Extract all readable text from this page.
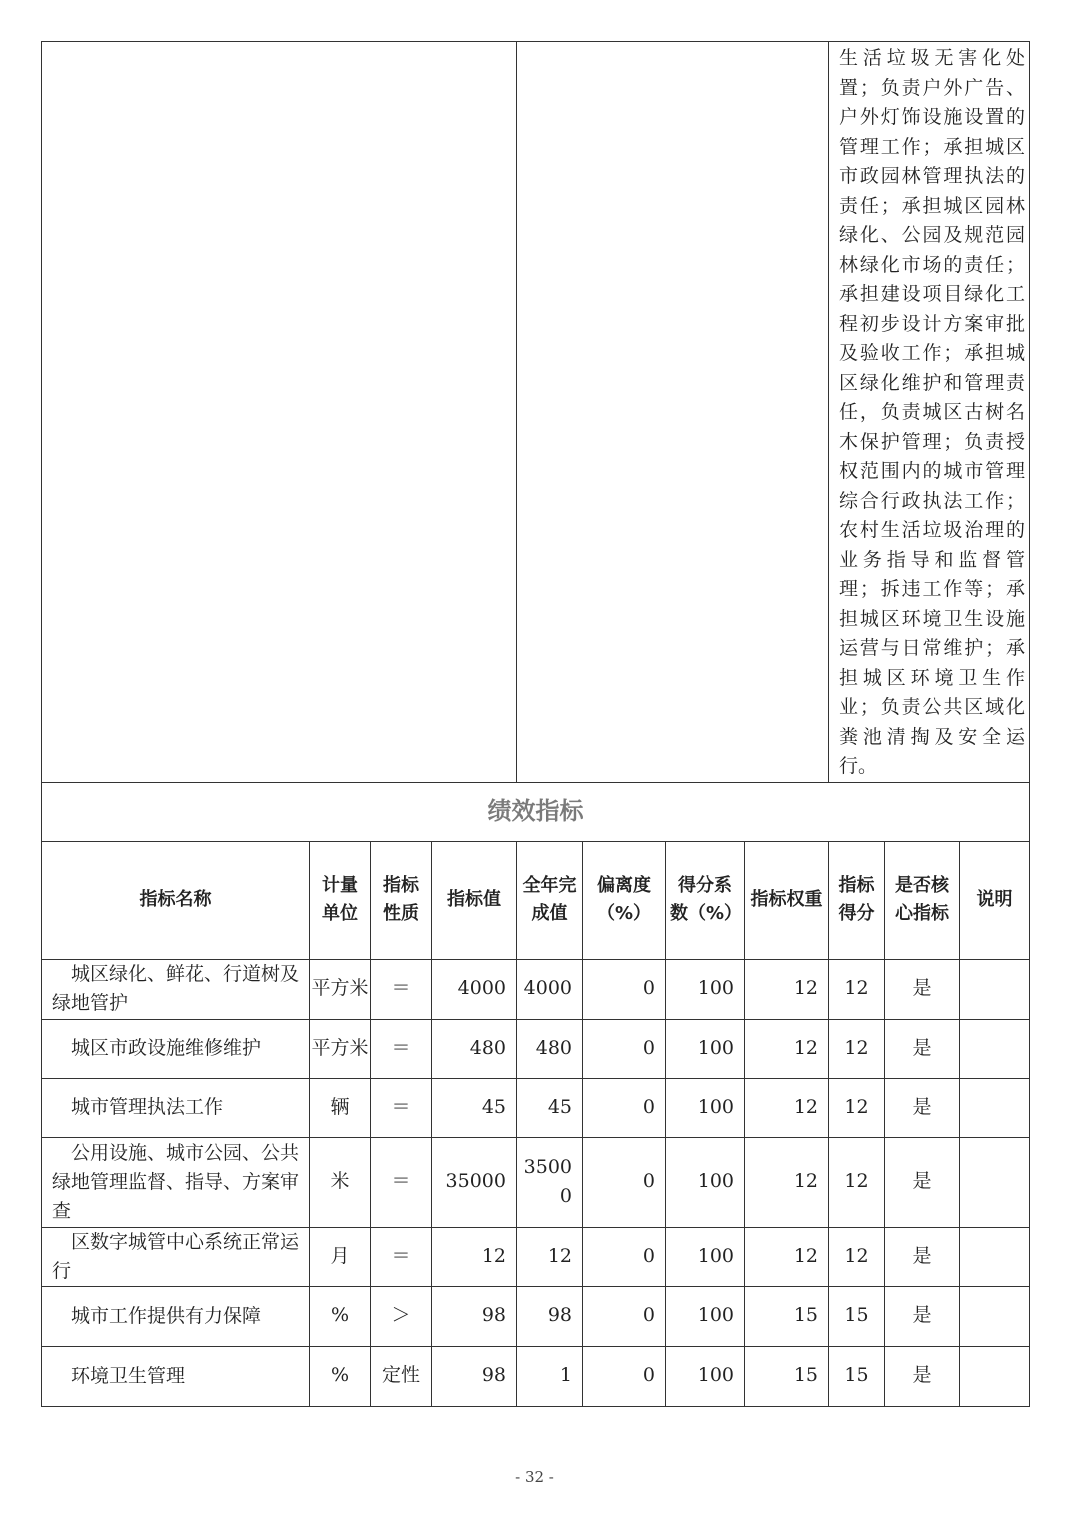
								生活垃圾无害化处置；负责户外广告、户外灯饰设施设置的管理工作；承担城区市政园林管理执法的责任；承担城区园林绿化、公园及规范园林绿化市场的责任；承担建设项目绿化工程初步设计方案审批及验收工作；承担城区绿化维护和管理责任，负责城区古树名木保护管理；负责授权范围内的城市管理综合行政执法工作；农村生活垃圾治理的业务指导和监督管理；拆违工作等；承担城区环境卫生设施运营与日常维护；承担城区环境卫生作业；负责公共区域化粪池清掏及安全运行。		
绩效指标										
指标名称	计量单位	指标性质	指标值	全年完成值	偏离度（%）	得分系数（%）	指标权重	指标得分	是否核心指标	说明
城区绿化、鲜花、行道树及绿地管护	平方米	＝	4000	4000	0	100	12	12	是	
城区市政设施维修维护	平方米	＝	480	480	0	100	12	12	是	
城市管理执法工作	辆	＝	45	45	0	100	12	12	是	
公用设施、城市公园、公共绿地管理监督、指导、方案审查	米	＝	35000	35000	0	100	12	12	是	
区数字城管中心系统正常运行	月	＝	12	12	0	100	12	12	是	
城市工作提供有力保障	%	＞	98	98	0	100	15	15	是	
环境卫生管理	%	定性	98	1	0	100	15	15	是	
- 32 -
